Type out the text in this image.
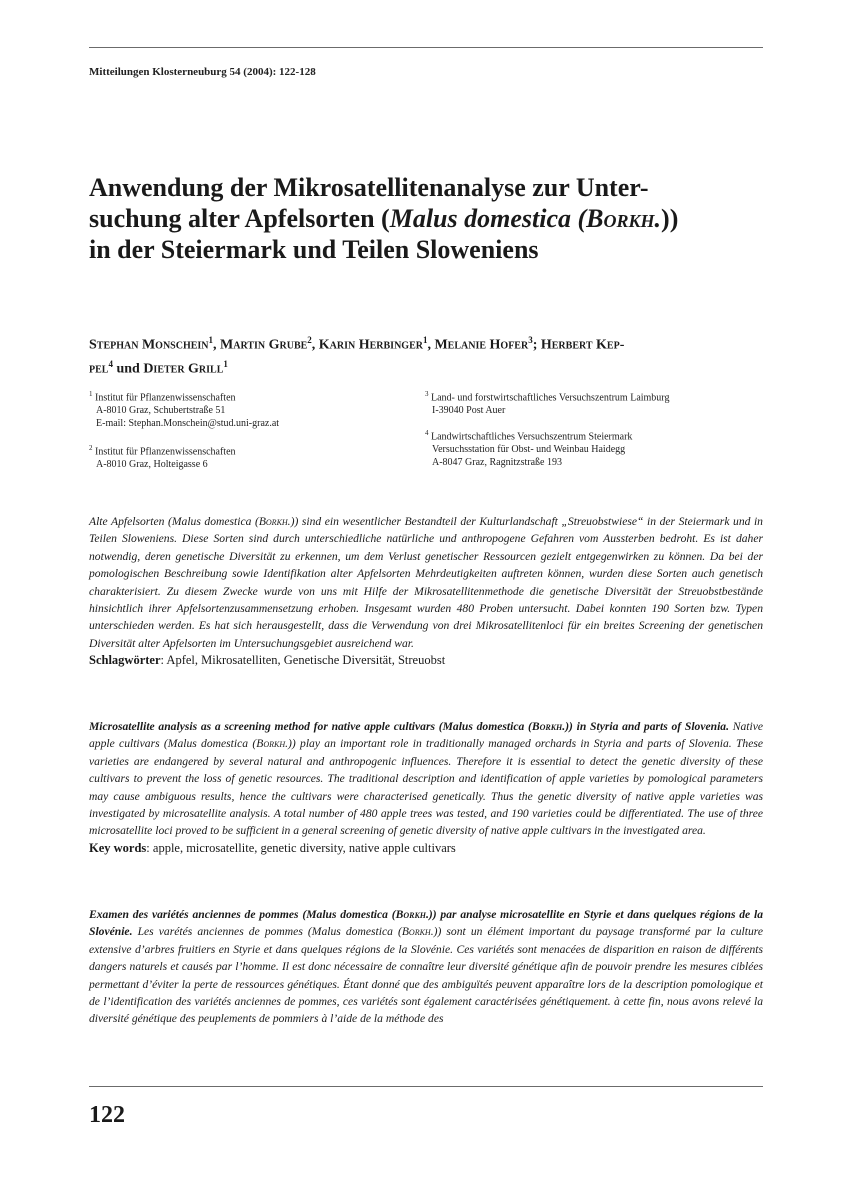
Mitteilungen Klosterneuburg 54 (2004): 122-128
Anwendung der Mikrosatellitenanalyse zur Unter-
suchung alter Apfelsorten (Malus domestica (Borkh.))
in der Steiermark und Teilen Sloweniens
Stephan Monschein$^1$, Martin Grube$^2$, Karin Herbinger$^1$, Melanie Hofer$^3$; Herbert Kep-
pel$^4$ und Dieter Grill$^1$
$^1$ Institut für Pflanzenwissenschaften
A-8010 Graz, Schubertstraße 51
E-mail: Stephan.Monschein@stud.uni-graz.at
$^2$ Institut für Pflanzenwissenschaften
A-8010 Graz, Holteigasse 6
$^3$ Land- und forstwirtschaftliches Versuchszentrum Laimburg
I-39040 Post Auer
$^4$ Landwirtschaftliches Versuchszentrum Steiermark
Versuchsstation für Obst- und Weinbau Haidegg
A-8047 Graz, Ragnitzstraße 193
Alte Apfelsorten (Malus domestica (Borkh.)) sind ein wesentlicher Bestandteil der Kulturlandschaft „Streuobstwiese“ in der Steiermark und in Teilen Sloweniens. Diese Sorten sind durch unterschiedliche natürliche und anthropogene Gefahren vom Aussterben bedroht. Es ist daher notwendig, deren genetische Diversität zu erkennen, um dem Verlust genetischer Ressourcen gezielt entgegenwirken zu können. Da bei der pomologischen Beschreibung sowie Identifikation alter Apfelsorten Mehrdeutigkeiten auftreten können, wurden diese Sorten auch genetisch charakterisiert. Zu diesem Zwecke wurde von uns mit Hilfe der Mikrosatellitenmethode die genetische Diversität der Streuobstbestände hinsichtlich ihrer Apfelsortenzusammensetzung erhoben. Insgesamt wurden 480 Proben untersucht. Dabei konnten 190 Sorten bzw. Typen unterschieden werden. Es hat sich herausgestellt, dass die Verwendung von drei Mikrosatellitenloci für ein breites Screening der genetischen Diversität alter Apfelsorten im Untersuchungsgebiet ausreichend war.
Schlagwörter: Apfel, Mikrosatelliten, Genetische Diversität, Streuobst
Microsatellite analysis as a screening method for native apple cultivars (Malus domestica (Borkh.)) in Styria and parts of Slovenia. Native apple cultivars (Malus domestica (Borkh.)) play an important role in traditionally managed orchards in Styria and parts of Slovenia. These varieties are endangered by several natural and anthropogenic influences. Therefore it is essential to detect the genetic diversity of these cultivars to prevent the loss of genetic resources. The traditional description and identification of apple varieties by pomological parameters may cause ambiguous results, hence the cultivars were characterised genetically. Thus the genetic diversity of native apple varieties was investigated by microsatellite analysis. A total number of 480 apple trees was tested, and 190 varieties could be differentiated. The use of three microsatellite loci proved to be sufficient in a general screening of genetic diversity of native apple cultivars in the investigated area.
Key words: apple, microsatellite, genetic diversity, native apple cultivars
Examen des variétés anciennes de pommes (Malus domestica (Borkh.)) par analyse microsatellite en Styrie et dans quelques régions de la Slovénie. Les varétés anciennes de pommes (Malus domestica (Borkh.)) sont un élément important du paysage transformé par la culture extensive d’arbres fruitiers en Styrie et dans quelques régions de la Slovénie. Ces variétés sont menacées de disparition en raison de différents dangers naturels et causés par l’homme. Il est donc nécessaire de connaître leur diversité génétique afin de pouvoir prendre les mesures ciblées permettant d’éviter la perte de ressources génétiques. Étant donné que des ambiguïtés peuvent apparaître lors de la description pomologique et de l’identification des variétés anciennes de pommes, ces variétés sont également caractérisées génétiquement. à cette fin, nous avons relevé la diversité génétique des peuplements de pommiers à l’aide de la méthode des
122
